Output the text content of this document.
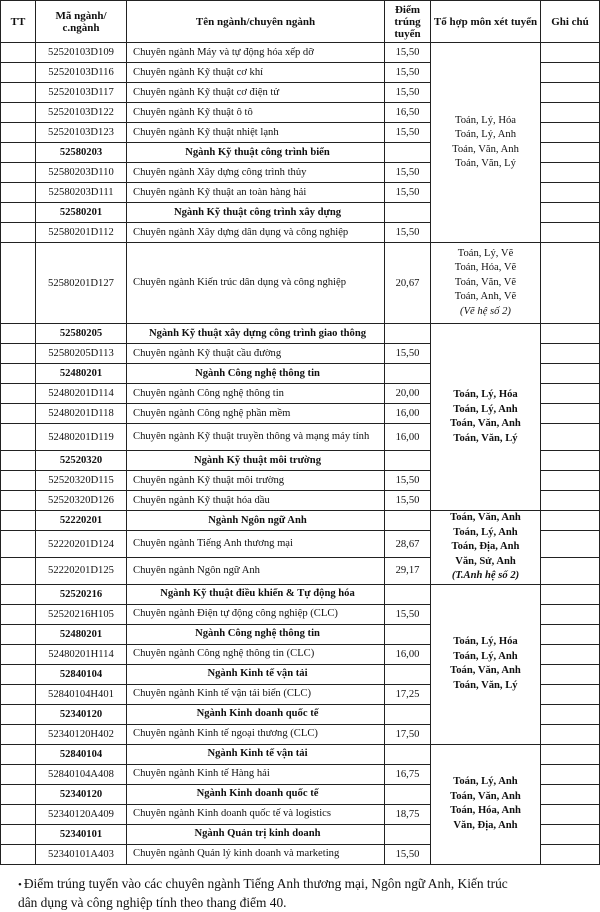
TT	Mã ngành/ c.ngành	Tên ngành/chuyên ngành	Điểm trúng tuyển	Tổ hợp môn xét tuyển	Ghi chú
	52520103D109	Chuyên ngành Máy và tự động hóa xếp dỡ	15,50	Toán, Lý, Hóa
Toán, Lý, Anh
Toán, Văn, Anh
Toán, Văn, Lý	

	52520103D116	Chuyên ngành Kỹ thuật cơ khí	15,50		
	52520103D117	Chuyên ngành Kỹ thuật cơ điện tử	15,50		
	52520103D122	Chuyên ngành Kỹ thuật ô tô	16,50		
	52520103D123	Chuyên ngành Kỹ thuật nhiệt lạnh	15,50		
	52580203	Ngành Kỹ thuật công trình biển			

	52580203D110	Chuyên ngành Xây dựng công trình thủy	15,50		
	52580203D111	Chuyên ngành Kỹ thuật an toàn hàng hải	15,50		
	52580201	Ngành Kỹ thuật công trình xây dựng			

	52580201D112	Chuyên ngành Xây dựng dân dụng và công nghiệp	15,50		
	52580201D127	Chuyên ngành Kiến trúc dân dụng và công nghiệp	20,67	Toán, Lý, Vẽ
Toán, Hóa, Vẽ
Toán, Văn, Vẽ
Toán, Anh, Vẽ
(Vẽ hệ số 2)	

	52580205	Ngành Kỹ thuật xây dựng công trình giao thông		Toán, Lý, Hóa
Toán, Lý, Anh
Toán, Văn, Anh
Toán, Văn, Lý	

	52580205D113	Chuyên ngành Kỹ thuật cầu đường	15,50		
	52480201	Ngành Công nghệ thông tin			

	52480201D114	Chuyên ngành Công nghệ thông tin	20,00		
	52480201D118	Chuyên ngành Công nghệ phần mềm	16,00		
	52480201D119	Chuyên ngành Kỹ thuật truyền thông và mạng máy tính	16,00		
	52520320	Ngành Kỹ thuật môi trường			

	52520320D115	Chuyên ngành Kỹ thuật môi trường	15,50		
	52520320D126	Chuyên ngành Kỹ thuật hóa dầu	15,50		
	52220201	Ngành Ngôn ngữ Anh		Toán, Văn, Anh
Toán, Lý, Anh
Toán, Địa, Anh
Văn, Sử, Anh
(T.Anh hệ số 2)	

	52220201D124	Chuyên ngành Tiếng Anh thương mại	28,67		
	52220201D125	Chuyên ngành Ngôn ngữ Anh	29,17		
	52520216	Ngành Kỹ thuật điều khiển & Tự động hóa		Toán, Lý, Hóa
Toán, Lý, Anh
Toán, Văn, Anh
Toán, Văn, Lý	

	52520216H105	Chuyên ngành Điện tự động công nghiệp (CLC)	15,50		
	52480201	Ngành Công nghệ thông tin			

	52480201H114	Chuyên ngành Công nghệ thông tin (CLC)	16,00		
	52840104	Ngành Kinh tế vận tải			

	52840104H401	Chuyên ngành Kinh tế vận tải biển (CLC)	17,25		
	52340120	Ngành Kinh doanh quốc tế			

	52340120H402	Chuyên ngành Kinh tế ngoại thương (CLC)	17,50		
	52840104	Ngành Kinh tế vận tải		Toán, Lý, Anh
Toán, Văn, Anh
Toán, Hóa, Anh
Văn, Địa, Anh	

	52840104A408	Chuyên ngành Kinh tế Hàng hải	16,75		
	52340120	Ngành Kinh doanh quốc tế			

	52340120A409	Chuyên ngành Kinh doanh quốc tế và logistics	18,75		
	52340101	Ngành Quản trị kinh doanh			

	52340101A403	Chuyên ngành Quản lý kinh doanh và marketing	15,50		
• Điểm trúng tuyển vào các chuyên ngành Tiếng Anh thương mại, Ngôn ngữ Anh, Kiến trúc
dân dụng và công nghiệp tính theo thang điểm 40.
